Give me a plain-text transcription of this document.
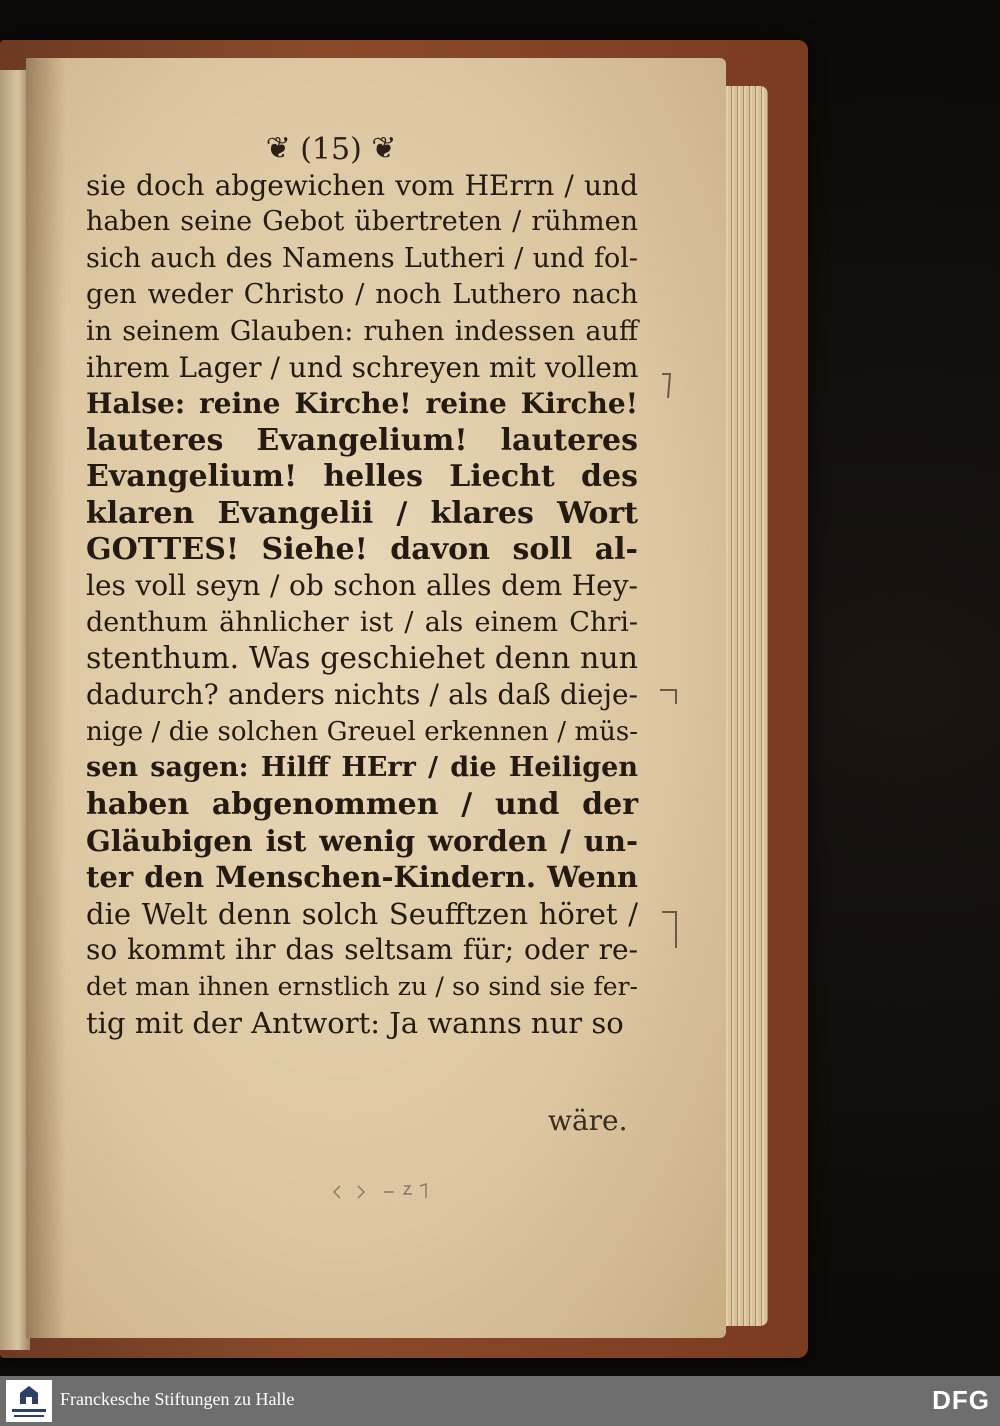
❦ (15) ❦
sie doch abgewichen vom HErrn / und
haben seine Gebot übertreten / rühmen
sich auch des Namens Lutheri / und fol-
gen weder Christo / noch Luthero nach
in seinem Glauben: ruhen indessen auff
ihrem Lager / und schreyen mit vollem
Halse: reine Kirche! reine Kirche!
lauteres Evangelium! lauteres
Evangelium! helles Liecht des
klaren Evangelii / klares Wort
GOTTES! Siehe! davon soll al-
les voll seyn / ob schon alles dem Hey-
denthum ähnlicher ist / als einem Chri-
stenthum. Was geschiehet denn nun
dadurch? anders nichts / als daß dieje-
nige / die solchen Greuel erkennen / müs-
sen sagen: Hilff HErr / die Heiligen
haben abgenommen / und der
Gläubigen ist wenig worden / un-
ter den Menschen-Kindern. Wenn
die Welt denn solch Seufftzen höret /
so kommt ihr das seltsam für; oder re-
det man ihnen ernstlich zu / so sind sie fer-
tig mit der Antwort: Ja wanns nur so
wäre.
Franckesche Stiftungen zu Halle	DFG
